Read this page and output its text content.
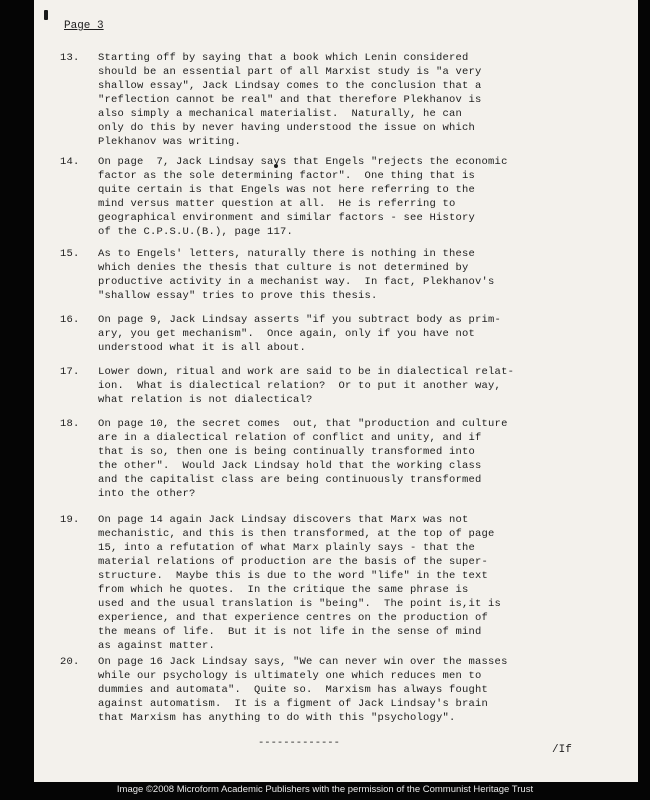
Page 3
13. Starting off by saying that a book which Lenin considered
should be an essential part of all Marxist study is "a very
shallow essay", Jack Lindsay comes to the conclusion that a
"reflection cannot be real" and that therefore Plekhanov is
also simply a mechanical materialist.  Naturally, he can
only do this by never having understood the issue on which
Plekhanov was writing.
14. On page  7, Jack Lindsay says that Engels "rejects the economic
factor as the sole determining factor".  One thing that is
quite certain is that Engels was not here referring to the
mind versus matter question at all.  He is referring to
geographical environment and similar factors - see History
of the C.P.S.U.(B.), page 117.
15. As to Engels' letters, naturally there is nothing in these
which denies the thesis that culture is not determined by
productive activity in a mechanist way.  In fact, Plekhanov's
"shallow essay" tries to prove this thesis.
16. On page 9, Jack Lindsay asserts "if you subtract body as prim-
ary, you get mechanism".  Once again, only if you have not
understood what it is all about.
17. Lower down, ritual and work are said to be in dialectical relat-
ion.  What is dialectical relation?  Or to put it another way,
what relation is not dialectical?
18. On page 10, the secret comes  out, that "production and culture
are in a dialectical relation of conflict and unity, and if
that is so, then one is being continually transformed into
the other".  Would Jack Lindsay hold that the working class
and the capitalist class are being continuously transformed
into the other?
19. On page 14 again Jack Lindsay discovers that Marx was not
mechanistic, and this is then transformed, at the top of page
15, into a refutation of what Marx plainly says - that the
material relations of production are the basis of the super-
structure.  Maybe this is due to the word "life" in the text
from which he quotes.  In the critique the same phrase is
used and the usual translation is "being".  The point is,it is
experience, and that experience centres on the production of
the means of life.  But it is not life in the sense of mind
as against matter.
20. On page 16 Jack Lindsay says, "We can never win over the masses
while our psychology is ultimately one which reduces men to
dummies and automata".  Quite so.  Marxism has always fought
against automatism.  It is a figment of Jack Lindsay's brain
that Marxism has anything to do with this "psychology".
-------------
/If
Image ©2008 Microform Academic Publishers with the permission of the Communist Heritage Trust
